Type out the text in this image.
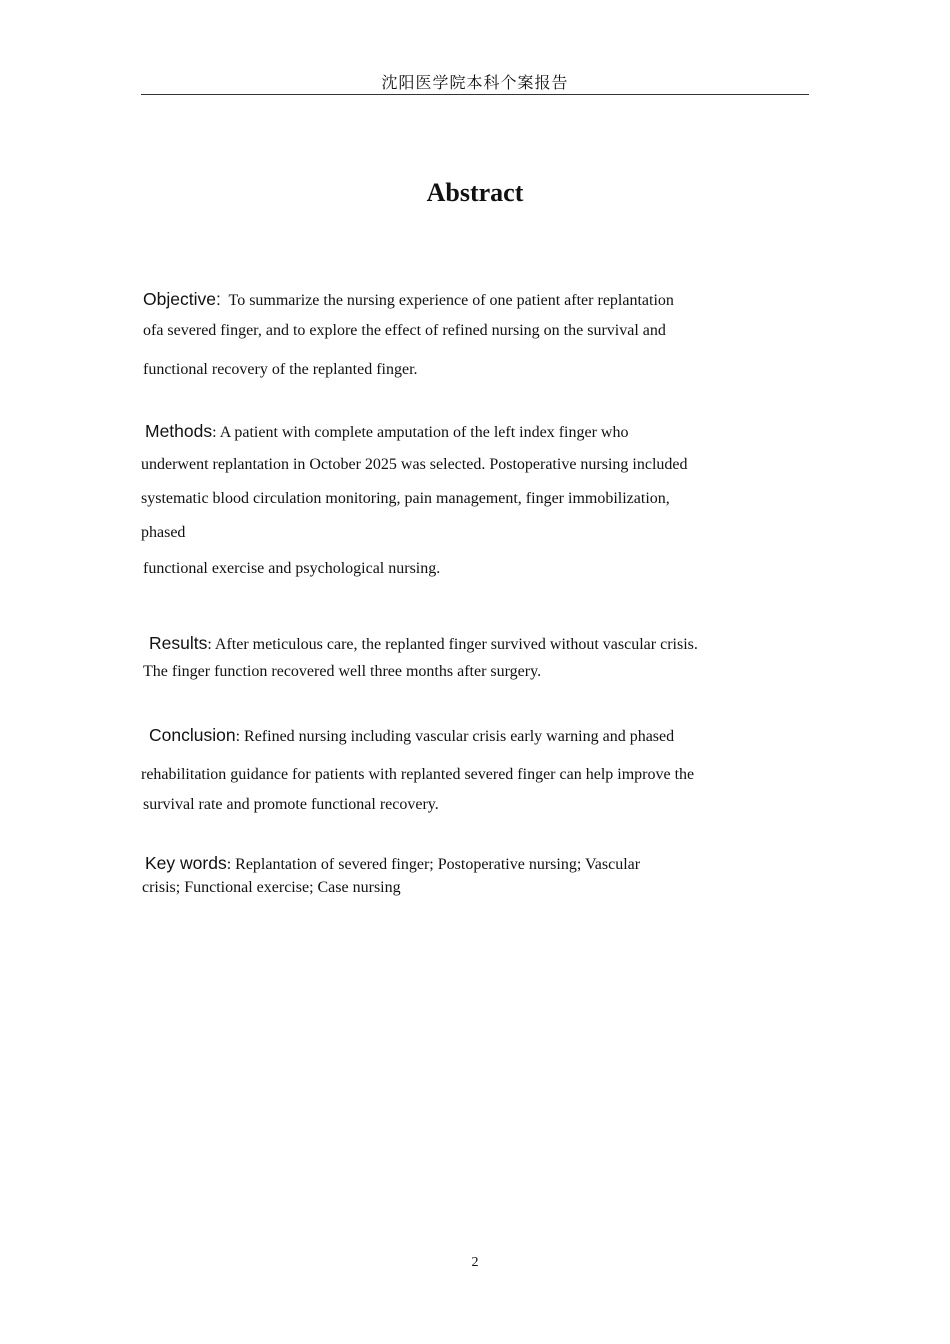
沈阳医学院本科个案报告
Abstract
Objective: To summarize the nursing experience of one patient after replantation
ofa severed finger, and to explore the effect of refined nursing on the survival and
functional recovery of the replanted finger.
Methods: A patient with complete amputation of the left index finger who
underwent replantation in October 2025 was selected. Postoperative nursing included
systematic blood circulation monitoring, pain management, finger immobilization,
phased
functional exercise and psychological nursing.
Results: After meticulous care, the replanted finger survived without vascular crisis.
The finger function recovered well three months after surgery.
Conclusion: Refined nursing including vascular crisis early warning and phased
rehabilitation guidance for patients with replanted severed finger can help improve the
survival rate and promote functional recovery.
Key words: Replantation of severed finger; Postoperative nursing; Vascular
crisis; Functional exercise; Case nursing
2
